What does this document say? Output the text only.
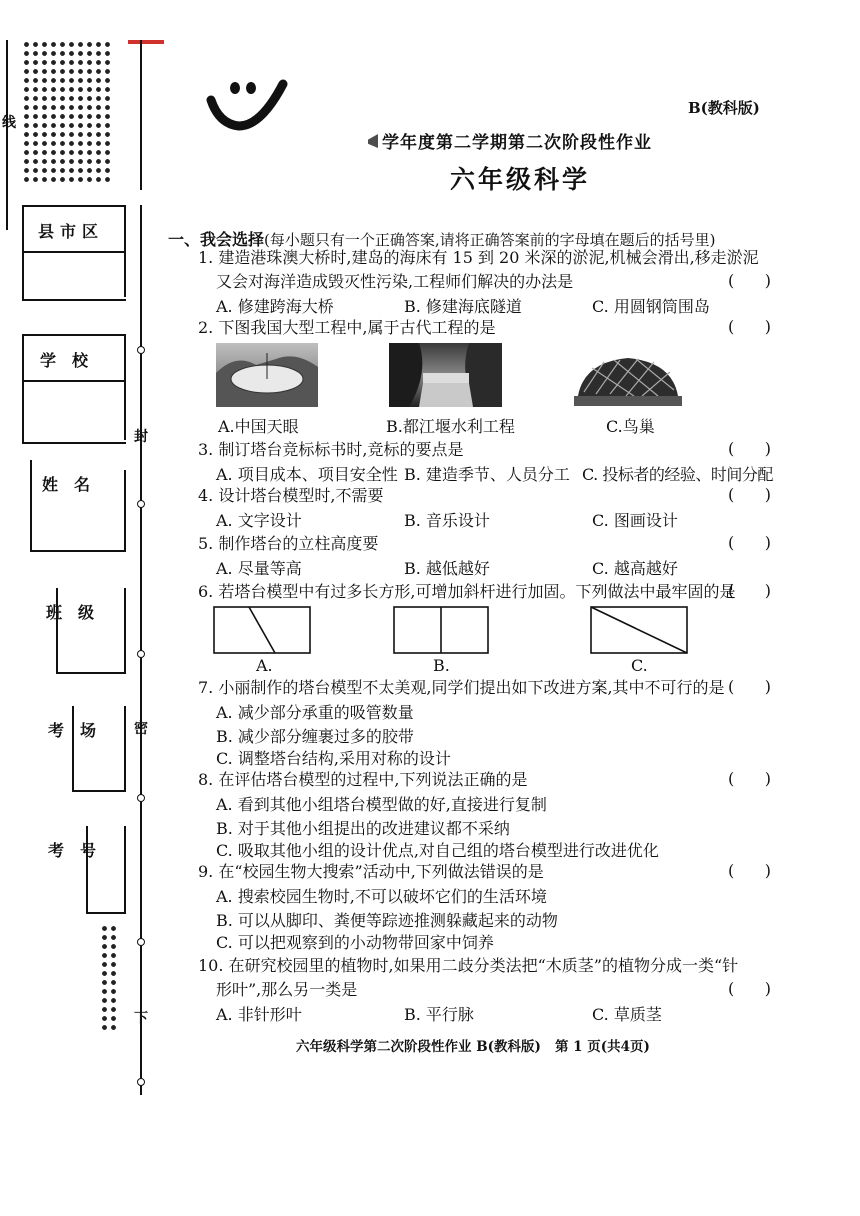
线
封
密
下
县市区
学　校
姓　名
班　级
考　场
考　号
B(教科版)
学年度第二学期第二次阶段性作业
六年级科学
一、我会选择(每小题只有一个正确答案,请将正确答案前的字母填在题后的括号里)
1. 建造港珠澳大桥时,建岛的海床有 15 到 20 米深的淤泥,机械会滑出,移走淤泥
又会对海洋造成毁灭性污染,工程师们解决的办法是	(      )
A. 修建跨海大桥	B. 修建海底隧道	C. 用圆钢筒围岛
2. 下图我国大型工程中,属于古代工程的是	(      )
A.中国天眼	B.都江堰水利工程	C.鸟巢
3. 制订塔台竞标标书时,竞标的要点是	(      )
A. 项目成本、项目安全性 B. 建造季节、人员分工 C. 投标者的经验、时间分配
4. 设计塔台模型时,不需要	(      )
A. 文字设计	B. 音乐设计	C. 图画设计
5. 制作塔台的立柱高度要	(      )
A. 尽量等高	B. 越低越好	C. 越高越好
6. 若塔台模型中有过多长方形,可增加斜杆进行加固。下列做法中最牢固的是
(      )
A.	B.	C.
7. 小丽制作的塔台模型不太美观,同学们提出如下改进方案,其中不可行的是 (      )
A. 减少部分承重的吸管数量
B. 减少部分缠裹过多的胶带
C. 调整塔台结构,采用对称的设计
8. 在评估塔台模型的过程中,下列说法正确的是	(      )
A. 看到其他小组塔台模型做的好,直接进行复制
B. 对于其他小组提出的改进建议都不采纳
C. 吸取其他小组的设计优点,对自己组的塔台模型进行改进优化
9. 在“校园生物大搜索”活动中,下列做法错误的是	(      )
A. 搜索校园生物时,不可以破坏它们的生活环境
B. 可以从脚印、粪便等踪迹推测躲藏起来的动物
C. 可以把观察到的小动物带回家中饲养
10. 在研究校园里的植物时,如果用二歧分类法把“木质茎”的植物分成一类“针
形叶”,那么另一类是	(      )
A. 非针形叶	B. 平行脉	C. 草质茎
六年级科学第二次阶段性作业 B(教科版)   第 1 页(共4页)
